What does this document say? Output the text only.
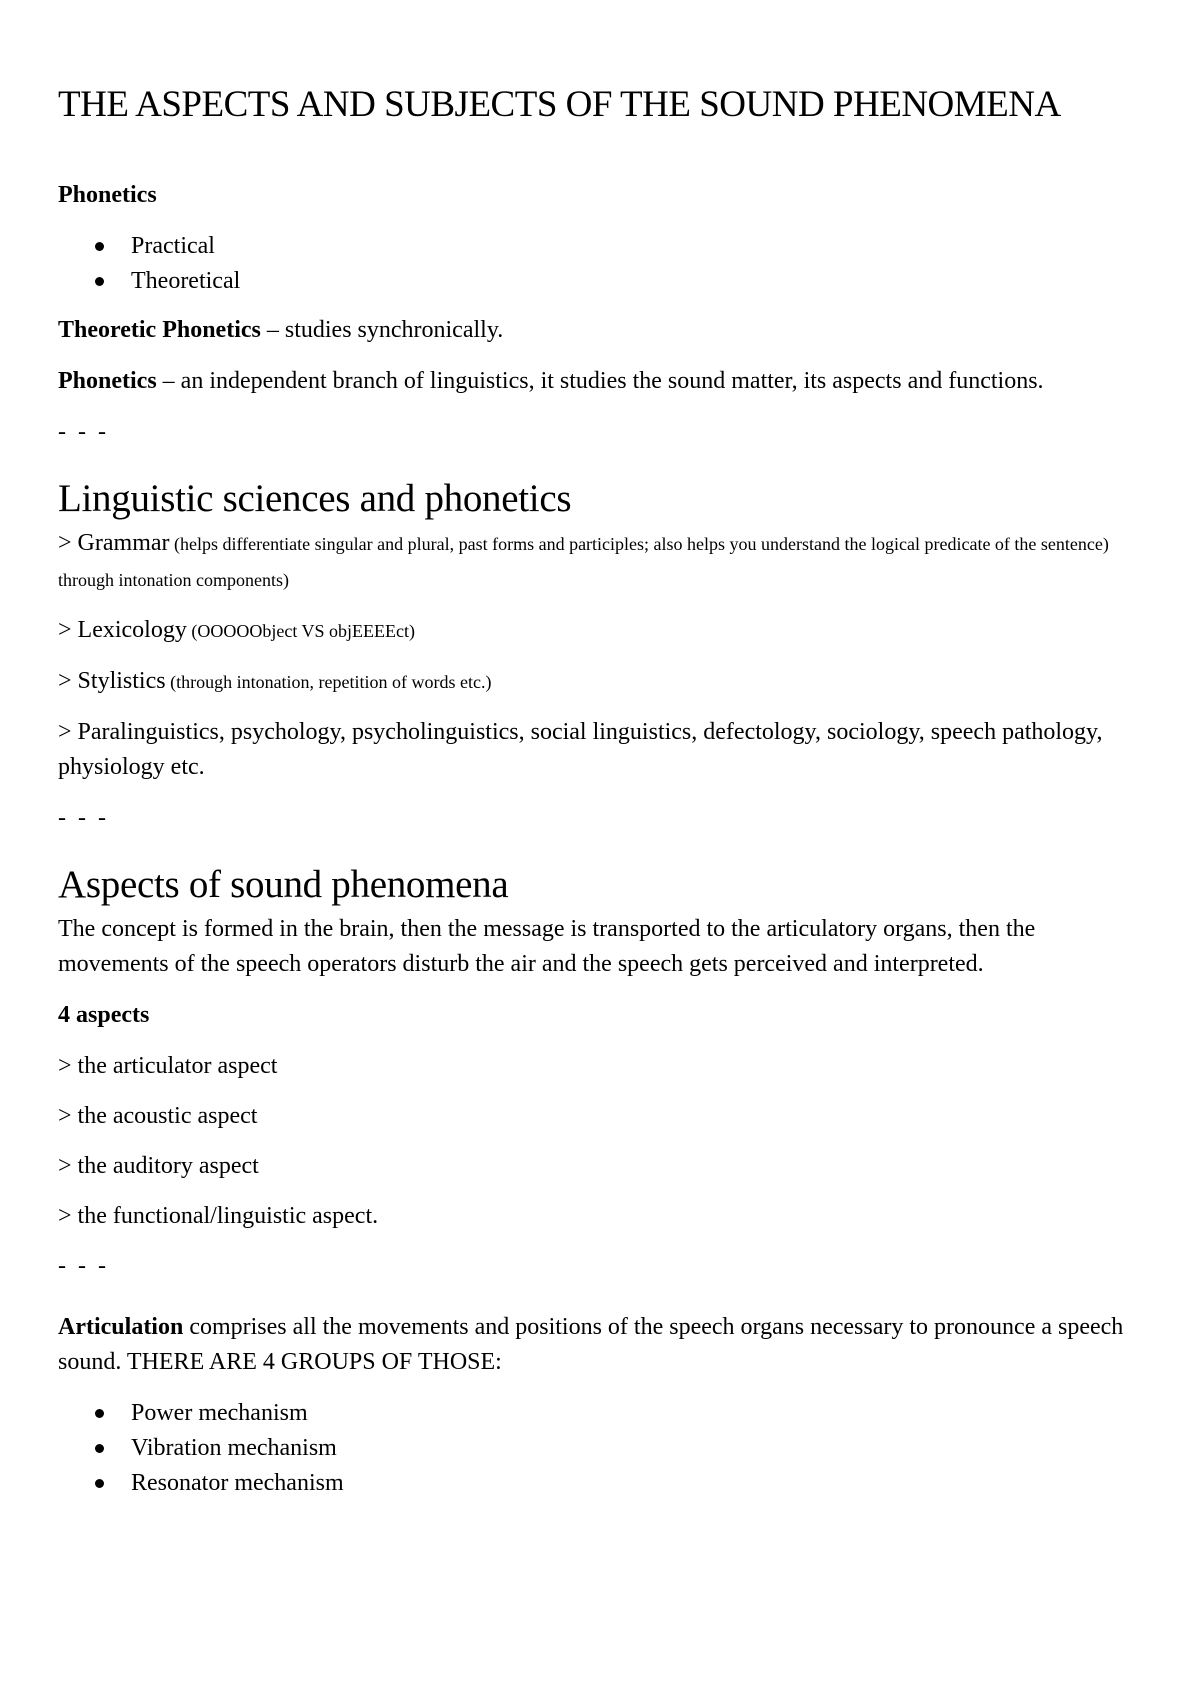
THE ASPECTS AND SUBJECTS OF THE SOUND PHENOMENA

Phonetics

Practical
Theoretical

Theoretic Phonetics – studies synchronically.

Phonetics – an independent branch of linguistics, it studies the sound matter, its aspects and functions.

- - -

Linguistic sciences and phonetics

> Grammar (helps differentiate singular and plural, past forms and participles; also helps you understand the logical predicate of the sentence) through intonation components)

> Lexicology (OOOOObject VS objEEEEct)

> Stylistics (through intonation, repetition of words etc.)

> Paralinguistics, psychology, psycholinguistics, social linguistics, defectology, sociology, speech pathology, physiology etc.

- - -

Aspects of sound phenomena

The concept is formed in the brain, then the message is transported to the articulatory organs, then the movements of the speech operators disturb the air and the speech gets perceived and interpreted.

4 aspects

> the articulator aspect

> the acoustic aspect

> the auditory aspect

> the functional/linguistic aspect.

- - -

Articulation comprises all the movements and positions of the speech organs necessary to pronounce a speech sound. THERE ARE 4 GROUPS OF THOSE:

Power mechanism
Vibration mechanism
Resonator mechanism
